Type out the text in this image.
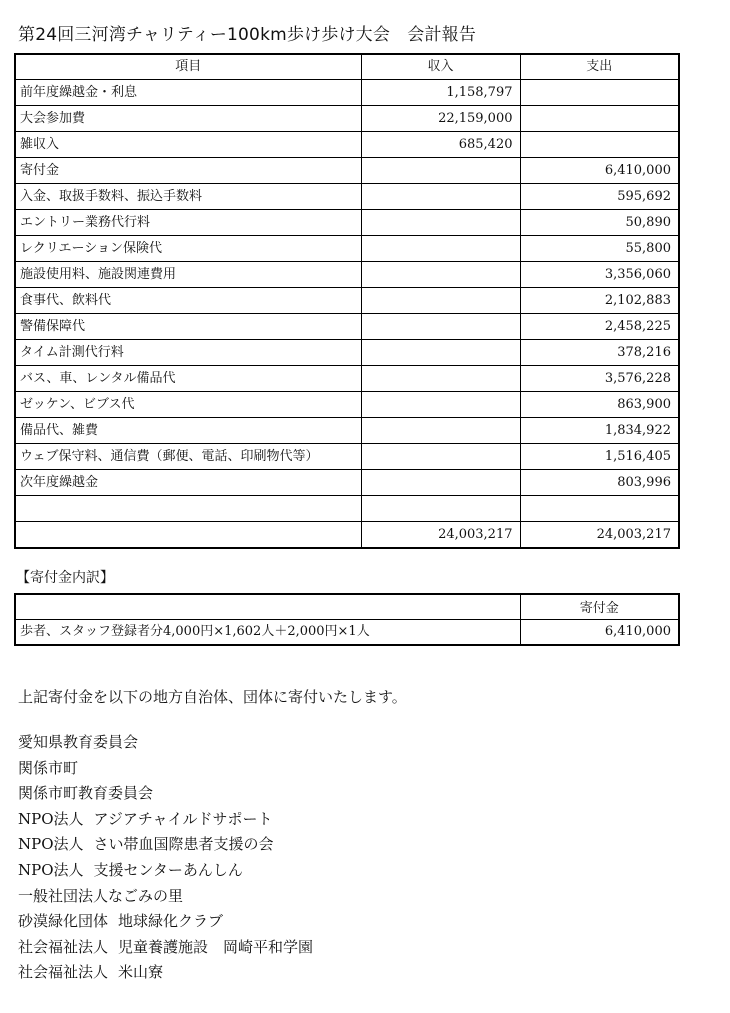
第24回三河湾チャリティー100km歩け歩け大会　会計報告
項目	収入	支出
前年度繰越金・利息	1,158,797	
大会参加費	22,159,000	
雑収入	685,420	
寄付金		6,410,000
入金、取扱手数料、振込手数料		595,692
エントリー業務代行料		50,890
レクリエーション保険代		55,800
施設使用料、施設関連費用		3,356,060
食事代、飲料代		2,102,883
警備保障代		2,458,225
タイム計測代行料		378,216
バス、車、レンタル備品代		3,576,228
ゼッケン、ビブス代		863,900
備品代、雑費		1,834,922
ウェブ保守料、通信費（郵便、電話、印刷物代等）		1,516,405
次年度繰越金		803,996

	24,003,217	24,003,217
【寄付金内訳】
	寄付金
歩者、スタッフ登録者分4,000円×1,602人＋2,000円×1人	6,410,000
上記寄付金を以下の地方自治体、団体に寄付いたします。
愛知県教育委員会
関係市町
関係市町教育委員会
NPO法人 アジアチャイルドサポート
NPO法人 さい帯血国際患者支援の会
NPO法人 支援センターあんしん
一般社団法人なごみの里
砂漠緑化団体 地球緑化クラブ
社会福祉法人 児童養護施設　岡崎平和学園
社会福祉法人 米山寮
